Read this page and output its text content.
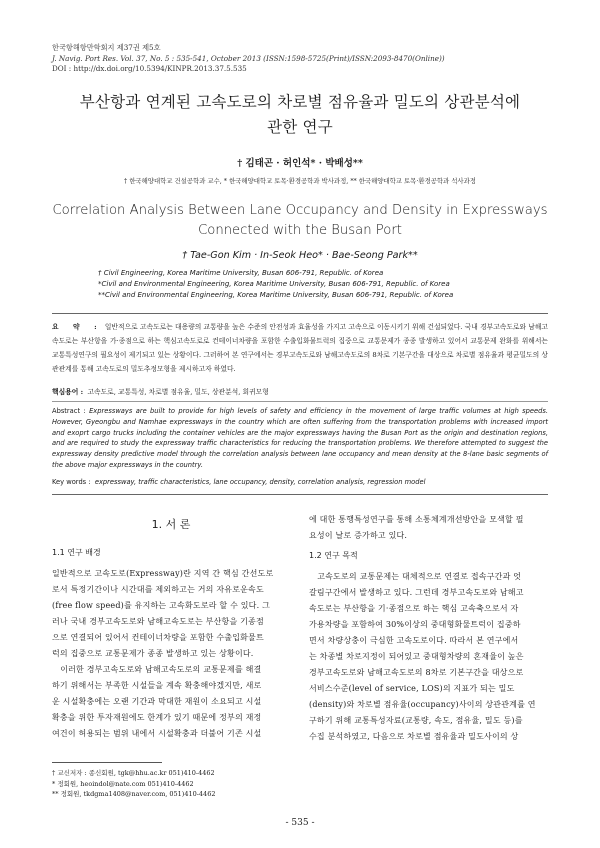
한국항해항만학회지 제37권 제5호
J. Navig. Port Res. Vol. 37, No. 5 : 535-541, October 2013 (ISSN:1598-5725(Print)/ISSN:2093-8470(Online))
DOI : http://dx.doi.org/10.5394/KINPR.2013.37.5.535
부산항과 연계된 고속도로의 차로별 점유율과 밀도의 상관분석에
관한 연구
† 김태곤 · 허인석* · 박배성**
† 한국해양대학교 건설공학과 교수, * 한국해양대학교 토목·환경공학과 박사과정, ** 한국해양대학교 토목·환경공학과 석사과정
Correlation Analysis Between Lane Occupancy and Density in Expressways
Connected with the Busan Port
† Tae-Gon Kim · In-Seok Heo* · Bae-Seong Park**
† Civil Engineering, Korea Maritime University, Busan 606-791, Republic. of Korea
*Civil and Environmental Engineering, Korea Maritime University, Busan 606-791, Republic. of Korea
**Civil and Environmental Engineering, Korea Maritime University, Busan 606-791, Republic. of Korea
요 약 : 일반적으로 고속도로는 대용량의 교통량을 높은 수준의 안전성과 효율성을 가지고 고속으로 이동시키기 위해 건설되었다. 국내 경부고속도로와 남해고속도로는 부산항을 가·종점으로 하는 핵심고속도로로 컨테이너차량을 포함한 수출입화물트럭의 집중으로 교통문제가 종종 발생하고 있어서 교통문제 완화를 위해서는 교통특성연구의 필요성이 제기되고 있는 상황이다. 그러하여 본 연구에서는 경부고속도로와 남해고속도로의 8차로 기본구간을 대상으로 차로별 점유율과 평균밀도의 상관관계를 통해 고속도로의 밀도추정모형을 제시하고자 하였다.
핵심용어 : 고속도로, 교통특성, 차로별 점유율, 밀도, 상관분석, 회귀모형
Abstract : Expressways are built to provide for high levels of safety and efficiency in the movement of large traffic volumes at high speeds. However, Gyeongbu and Namhae expressways in the country which are often suffering from the transportation problems with increased import and exoprt cargo trucks including the container vehicles are the major expressways having the Busan Port as the origin and destination regions, and are required to study the expressway traffic characteristics for reducing the transportation problems. We therefore attempted to suggest the expressway density predictive model through the correlation analysis between lane occupancy and mean density at the 8-lane basic segments of the above major expressways in the country.
Key words : expressway, traffic characteristics, lane occupancy, density, correlation analysis, regression model
1. 서 론
1.1 연구 배경
일반적으로 고속도로(Expressway)란 지역 간 핵심 간선도로
로서 특정기간이나 시간대를 제외하고는 거의 자유로운속도
(free flow speed)를 유지하는 고속화도로라 할 수 있다. 그
러나 국내 경부고속도로와 남해고속도로는 부산항을 기종점
으로 연결되어 있어서 컨테이너차량을 포함한 수출입화물트
럭의 집중으로 교통문제가 종종 발생하고 있는 상황이다.
　이러한 경부고속도로와 남해고속도로의 교통문제를 해결
하기 위해서는 부족한 시설들을 계속 확충해야겠지만, 새로
운 시설확충에는 오랜 기간과 막대한 재원이 소요되고 시설
확충을 위한 투자재원에도 한계가 있기 때문에 정부의 재정
여건이 허용되는 범위 내에서 시설확충과 더불어 기존 시설
에 대한 통행특성연구를 통해 소통체계개선방안을 모색할 필
요성이 날로 증가하고 있다.
1.2 연구 목적
　고속도로의 교통문제는 대체적으로 연결로 접속구간과 엇
갈림구간에서 발생하고 있다. 그런데 경부고속도로와 남해고
속도로는 부산항을 기·종점으로 하는 핵심 고속축으로서 자
가용차량을 포함하여 30%이상의 중대형화물트럭이 집중하
면서 차량상충이 극심한 고속도로이다. 따라서 본 연구에서
는 차종별 차로지정이 되어있고 중대형차량의 혼재율이 높은
경부고속도로와 남해고속도로의 8차로 기본구간을 대상으로
서비스수준(level of service, LOS)의 지표가 되는 밀도
(density)와 차로별 점유율(occupancy)사이의 상관관계를 연
구하기 위해 교통특성자료(교통량, 속도, 점유율, 밀도 등)를
수집 분석하였고, 다음으로 차로별 점유율과 밀도사이의 상
† 교신저자 : 종신회원, tgk@hhu.ac.kr 051)410-4462
* 정회원, heoindol@nate.com 051)410-4462
** 정회원, tkdgma1408@naver.com, 051)410-4462
- 535 -
